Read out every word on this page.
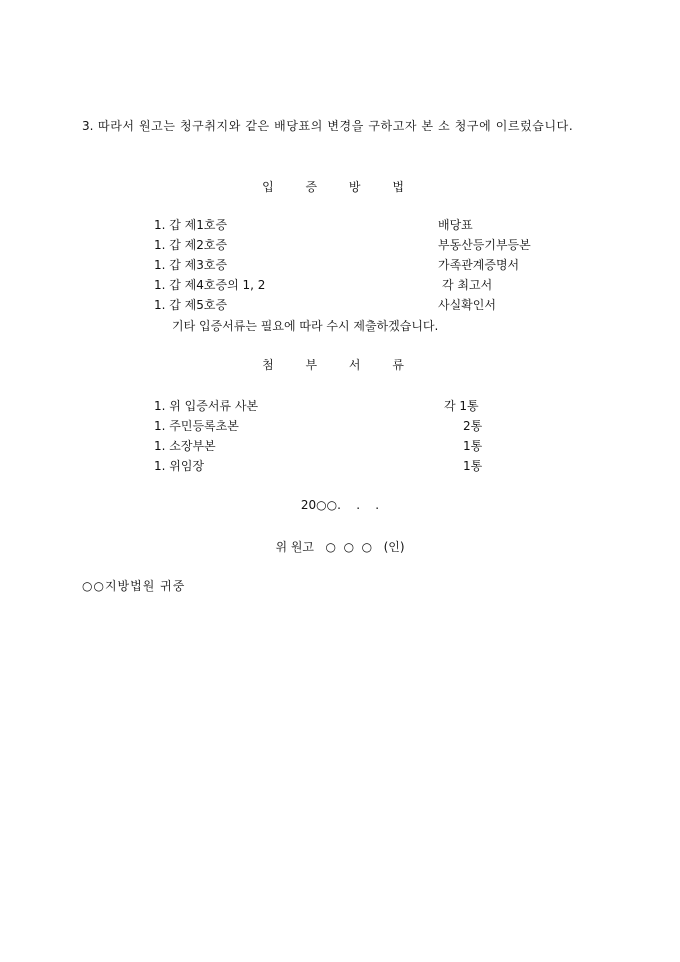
3. 따라서 원고는 청구취지와 같은 배당표의 변경을 구하고자 본 소 청구에 이르렀습니다.
입 증 방 법
1. 갑 제1호증	배당표
1. 갑 제2호증	부동산등기부등본
1. 갑 제3호증	가족관계증명서
1. 갑 제4호증의 1, 2	각 최고서
1. 갑 제5호증	사실확인서
기타 입증서류는 필요에 따라 수시 제출하겠습니다.
첨 부 서 류
1. 위 입증서류 사본	각 1통
1. 주민등록초본	2통
1. 소장부본	1통
1. 위임장	1통
20○○.    .    .
위 원고   ○  ○  ○   (인)
○○지방법원 귀중
